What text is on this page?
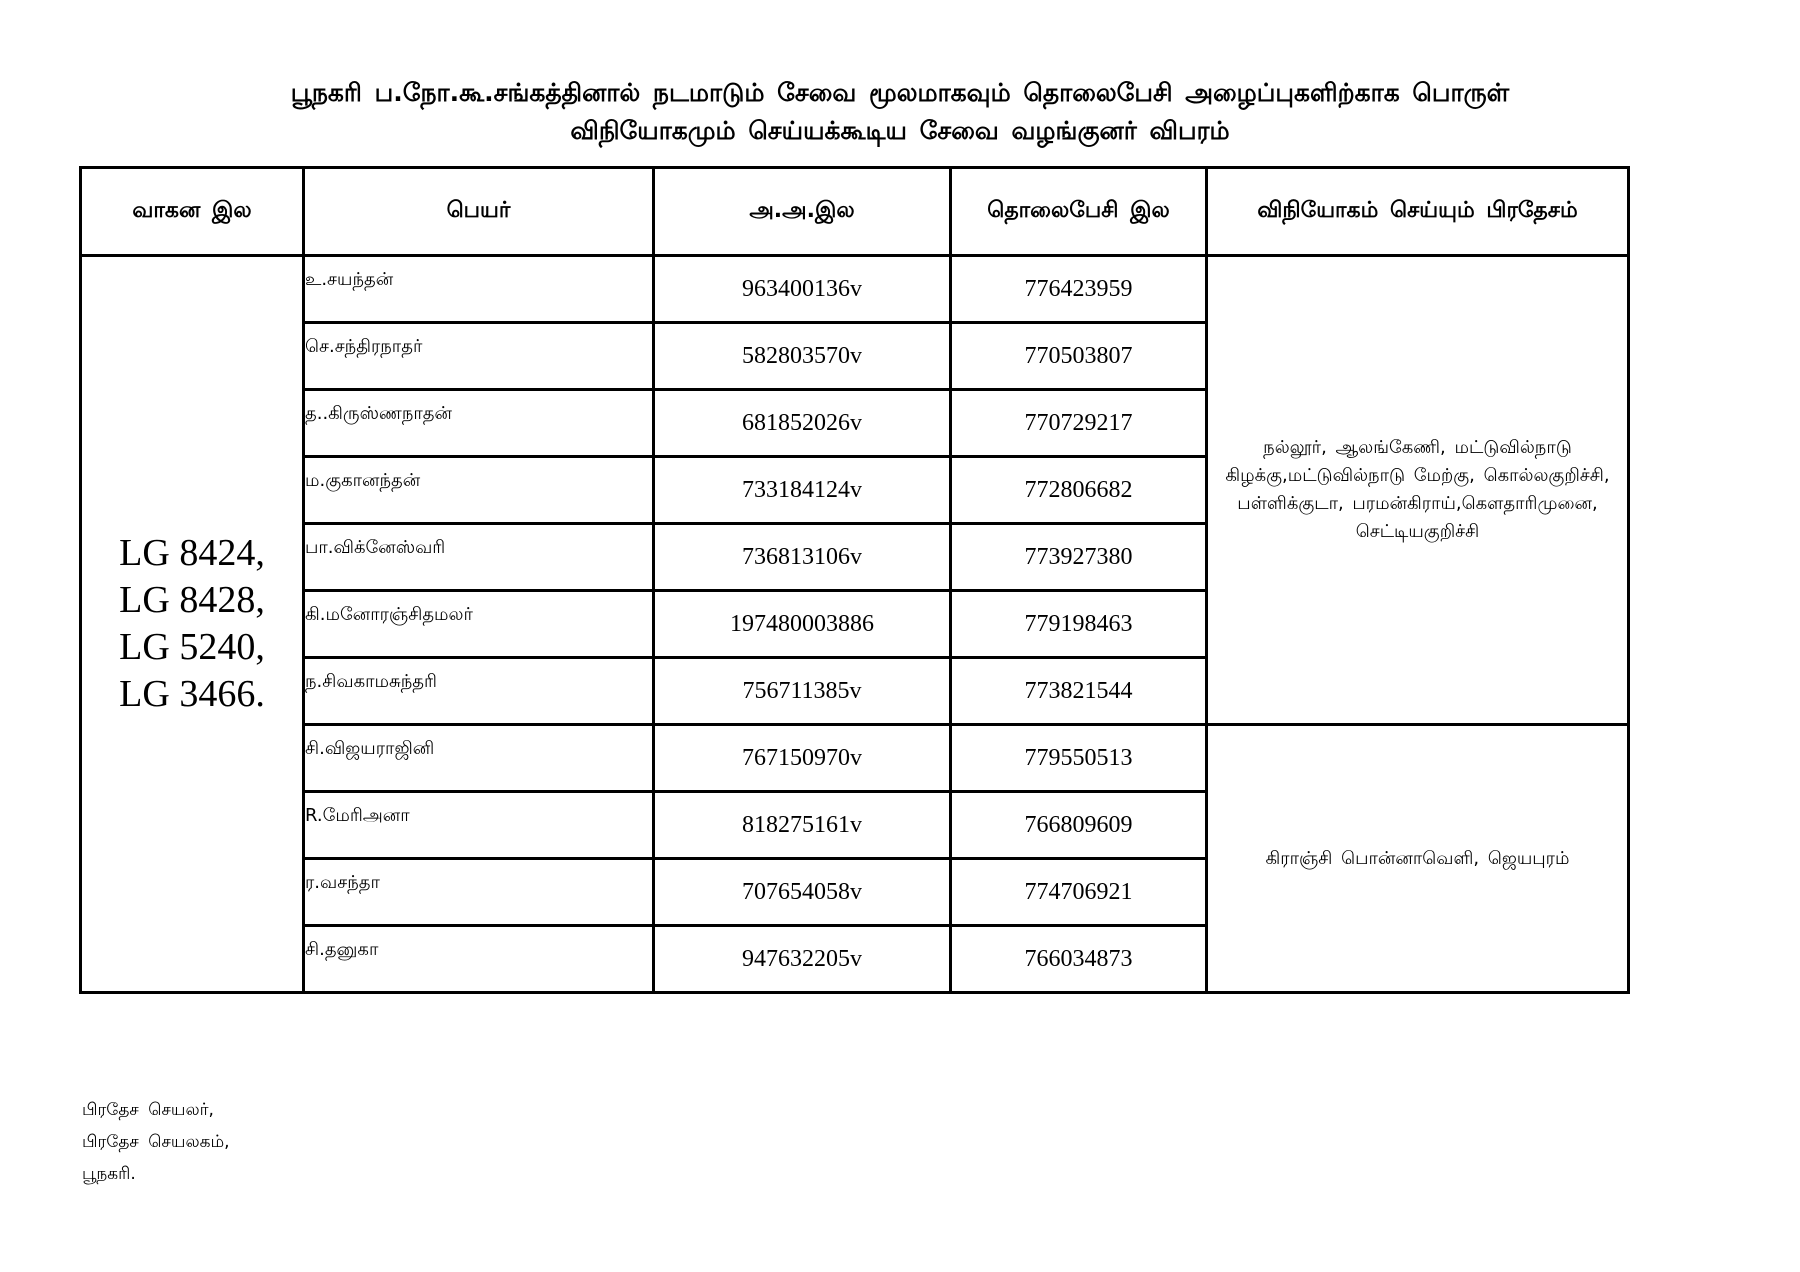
பூநகரி ப.நோ.கூ.சங்கத்தினால் நடமாடும் சேவை மூலமாகவும் தொலைபேசி அழைப்புகளிற்காக பொருள்
விநியோகமும் செய்யக்கூடிய சேவை வழங்குனர் விபரம்
வாகன இல	பெயர்	அ.அ.இல	தொலைபேசி இல	விநியோகம் செய்யும் பிரதேசம்
LG 8424,
LG 8428,
LG 5240,
LG 3466.	உ.சயந்தன்	963400136v	776423959	நல்லூர், ஆலங்கேணி, மட்டுவில்நாடு கிழக்கு,மட்டுவில்நாடு மேற்கு, கொல்லகுறிச்சி, பள்ளிக்குடா, பரமன்கிராய்,கௌதாரிமுனை, செட்டியகுறிச்சி
	செ.சந்திரநாதர்	582803570v	770503807	
	த..கிருஸ்ணநாதன்	681852026v	770729217	
	ம.குகானந்தன்	733184124v	772806682	
	பா.விக்னேஸ்வரி	736813106v	773927380	
	கி.மனோரஞ்சிதமலர்	197480003886	779198463	
	ந.சிவகாமசுந்தரி	756711385v	773821544	
	சி.விஜயராஜினி	767150970v	779550513	கிராஞ்சி பொன்னாவெளி, ஜெயபுரம்
	R.மேரிஅனா	818275161v	766809609	
	ர.வசந்தா	707654058v	774706921	
	சி.தனுகா	947632205v	766034873	
பிரதேச செயலர்,
பிரதேச செயலகம்,
பூநகரி.
